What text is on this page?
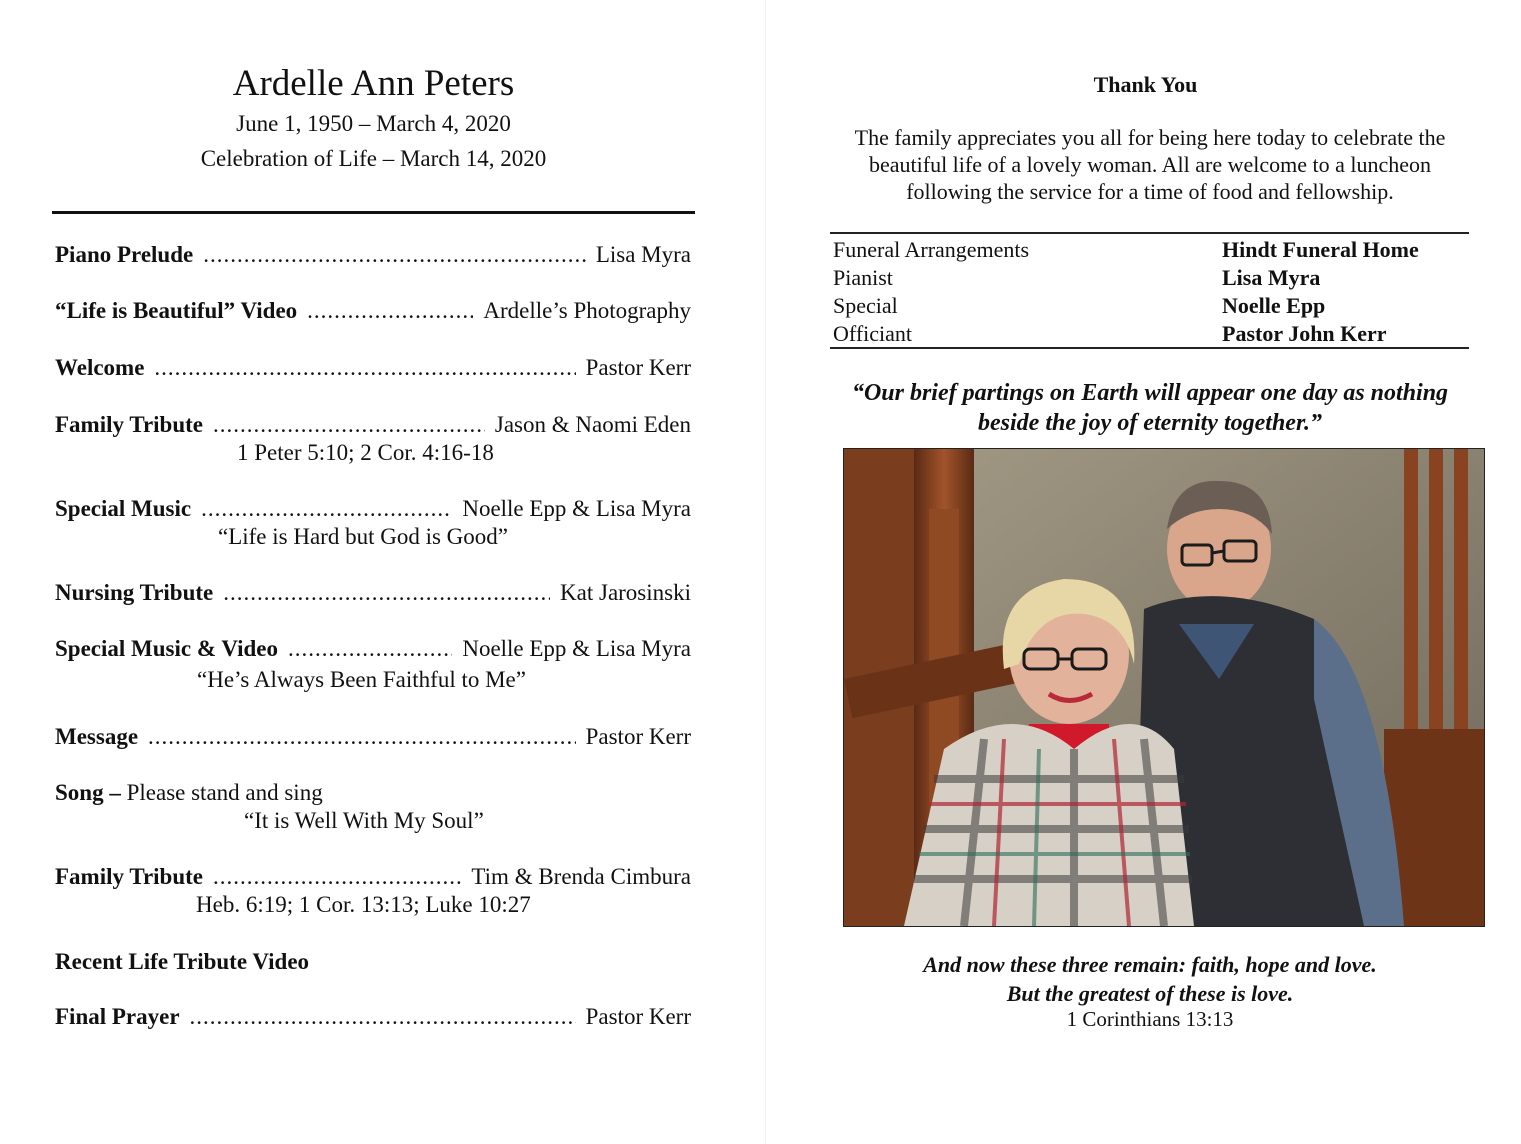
Ardelle Ann Peters
June 1, 1950 – March 4, 2020
Celebration of Life – March 14, 2020
Piano Prelude .....	Lisa Myra
“Life is Beautiful” Video .....	Ardelle’s Photography
Welcome .....	Pastor Kerr
Family Tribute .....	Jason & Naomi Eden
1 Peter 5:10; 2 Cor. 4:16-18
Special Music .....	Noelle Epp & Lisa Myra
“Life is Hard but God is Good”
Nursing Tribute .....	Kat Jarosinski
Special Music & Video .....	Noelle Epp & Lisa Myra
“He’s Always Been Faithful to Me”
Message .....	Pastor Kerr
Song – Please stand and sing
“It is Well With My Soul”
Family Tribute .....	Tim & Brenda Cimbura
Heb. 6:19; 1 Cor. 13:13; Luke 10:27
Recent Life Tribute Video
Final Prayer .....	Pastor Kerr
Thank You
The family appreciates you all for being here today to celebrate the beautiful life of a lovely woman. All are welcome to a luncheon following the service for a time of food and fellowship.
Funeral Arrangements	Hindt Funeral Home
Pianist	Lisa Myra
Special	Noelle Epp
Officiant	Pastor John Kerr
“Our brief partings on Earth will appear one day as nothing beside the joy of eternity together.”
And now these three remain: faith, hope and love.
But the greatest of these is love.
1 Corinthians 13:13
